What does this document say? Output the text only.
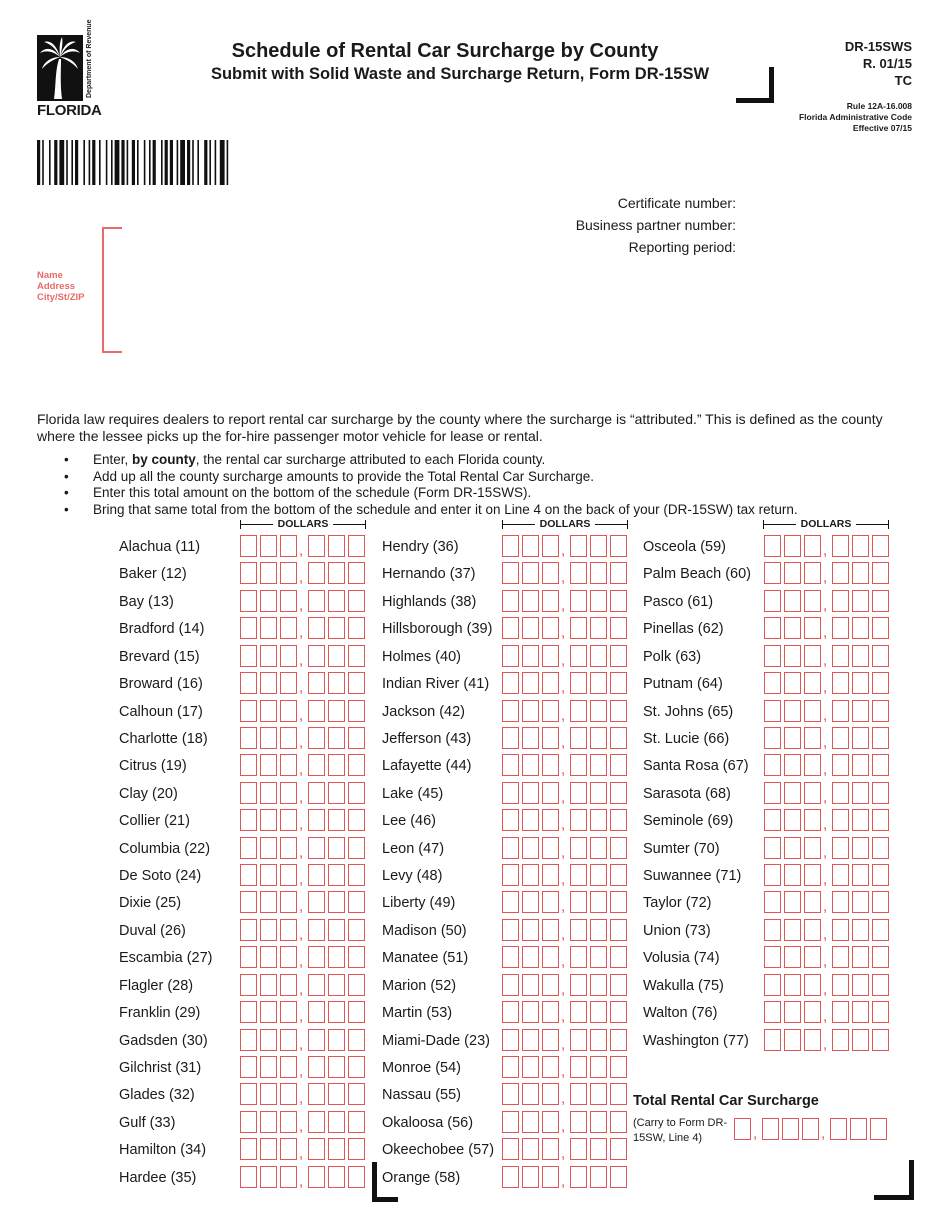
Department of Revenue
FLORIDA
Schedule of Rental Car Surcharge by County
Submit with Solid Waste and Surcharge Return, Form DR-15SW
DR-15SWS
R. 01/15
TC
Rule 12A-16.008
Florida Administrative Code
Effective 07/15
Certificate number:
Business partner number:
Reporting period:
Name
Address
City/St/ZIP
Florida law requires dealers to report rental car surcharge by the county where the surcharge is “attributed.” This is defined as the county where the lessee picks up the for-hire passenger motor vehicle for lease or rental.
• Enter, by county, the rental car surcharge attributed to each Florida county.
• Add up all the county surcharge amounts to provide the Total Rental Car Surcharge.
• Enter this total amount on the bottom of the schedule (Form DR-15SWS).
• Bring that same total from the bottom of the schedule and enter it on Line 4 on the back of your (DR-15SW) tax return.
DOLLARS	DOLLARS	DOLLARS
Alachua (11)	,
Baker (12)	,
Bay (13)	,
Bradford (14)	,
Brevard (15)	,
Broward (16)	,
Calhoun (17)	,
Charlotte (18)	,
Citrus (19)	,
Clay (20)	,
Collier (21)	,
Columbia (22)	,
De Soto (24)	,
Dixie (25)	,
Duval (26)	,
Escambia (27)	,
Flagler (28)	,
Franklin (29)	,
Gadsden (30)	,
Gilchrist (31)	,
Glades (32)	,
Gulf (33)	,
Hamilton (34)	,
Hardee (35)	,
Hendry (36)	,
Hernando (37)	,
Highlands (38)	,
Hillsborough (39)	,
Holmes (40)	,
Indian River (41)	,
Jackson (42)	,
Jefferson (43)	,
Lafayette (44)	,
Lake (45)	,
Lee (46)	,
Leon (47)	,
Levy (48)	,
Liberty (49)	,
Madison (50)	,
Manatee (51)	,
Marion (52)	,
Martin (53)	,
Miami-Dade (23)	,
Monroe (54)	,
Nassau (55)	,
Okaloosa (56)	,
Okeechobee (57)	,
Orange (58)	,
Osceola (59)	,
Palm Beach (60)	,
Pasco (61)	,
Pinellas (62)	,
Polk (63)	,
Putnam (64)	,
St. Johns (65)	,
St. Lucie (66)	,
Santa Rosa (67)	,
Sarasota (68)	,
Seminole (69)	,
Sumter (70)	,
Suwannee (71)	,
Taylor (72)	,
Union (73)	,
Volusia (74)	,
Wakulla (75)	,
Walton (76)	,
Washington (77)	,
Total Rental Car Surcharge
(Carry to Form DR-15SW, Line 4)	,	,
